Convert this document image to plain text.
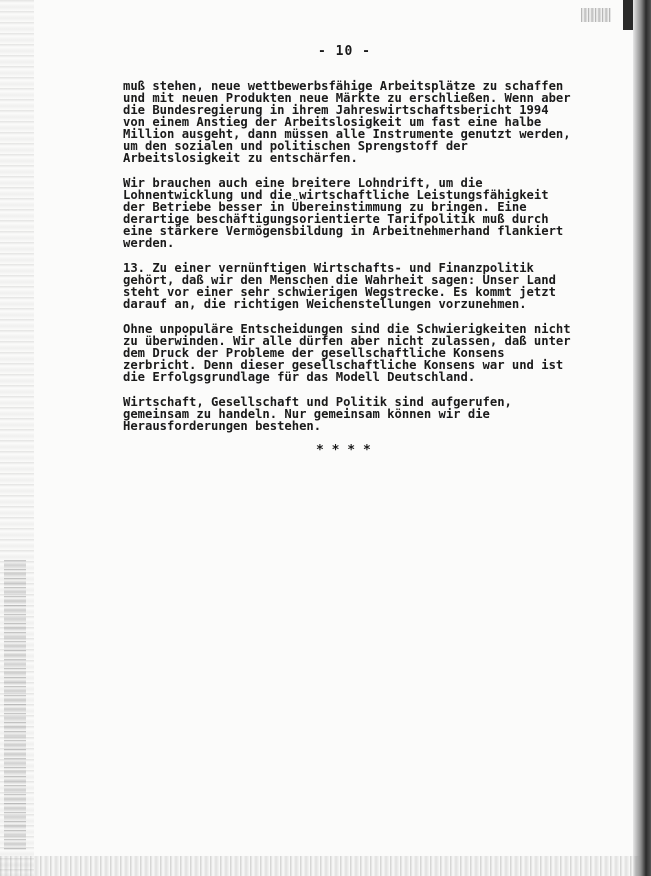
- 10 -

muß stehen, neue wettbewerbsfähige Arbeitsplätze zu schaffen
und mit neuen Produkten neue Märkte zu erschließen. Wenn aber
die Bundesregierung in ihrem Jahreswirtschaftsbericht 1994
von einem Anstieg der Arbeitslosigkeit um fast eine halbe
Million ausgeht, dann müssen alle Instrumente genutzt werden,
um den sozialen und politischen Sprengstoff der
Arbeitslosigkeit zu entschärfen.

Wir brauchen auch eine breitere Lohndrift, um die
Lohnentwicklung und die wirtschaftliche Leistungsfähigkeit
der Betriebe besser in Übereinstimmung zu bringen. Eine
derartige beschäftigungsorientierte Tarifpolitik muß durch
eine stärkere Vermögensbildung in Arbeitnehmerhand flankiert
werden.

13. Zu einer vernünftigen Wirtschafts- und Finanzpolitik
gehört, daß wir den Menschen die Wahrheit sagen: Unser Land
steht vor einer sehr schwierigen Wegstrecke. Es kommt jetzt
darauf an, die richtigen Weichenstellungen vorzunehmen.

Ohne unpopuläre Entscheidungen sind die Schwierigkeiten nicht
zu überwinden. Wir alle dürfen aber nicht zulassen, daß unter
dem Druck der Probleme der gesellschaftliche Konsens
zerbricht. Denn dieser gesellschaftliche Konsens war und ist
die Erfolgsgrundlage für das Modell Deutschland.

Wirtschaft, Gesellschaft und Politik sind aufgerufen,
gemeinsam zu handeln. Nur gemeinsam können wir die
Herausforderungen bestehen.

* * * *
